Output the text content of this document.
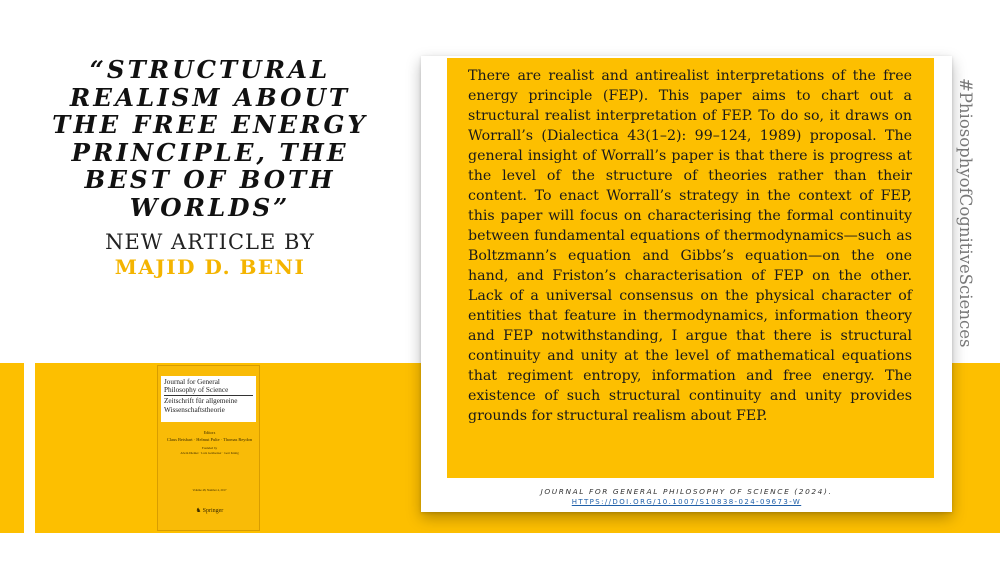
“STRUCTURAL REALISM ABOUT THE FREE ENERGY PRINCIPLE, THE BEST OF BOTH WORLDS”
NEW ARTICLE BY
MAJID D. BENI
Journal for General Philosophy of Science
Zeitschrift für allgemeine Wissenschaftstheorie
Editors
Claus Beisbart · Helmut Pulte · Thomas Reydon
Founded by
Alwin Diemer · Lutz Geldsetzer · Gert König
Volume 48, Number 4, 2017
♞ Springer

There are realist and antirealist interpretations of the free energy principle (FEP). This paper aims to chart out a structural realist interpretation of FEP. To do so, it draws on Worrall’s (Dialectica 43(1–2): 99–124, 1989) proposal. The general insight of Worrall’s paper is that there is progress at the level of the structure of theories rather than their content. To enact Worrall’s strategy in the context of FEP, this paper will focus on characterising the formal continuity between fundamental equations of thermodynamics—such as Boltzmann’s equation and Gibbs’s equation—on the one hand, and Friston’s characterisation of FEP on the other. Lack of a universal consensus on the physical character of entities that feature in thermodynamics, information theory and FEP notwithstanding, I argue that there is structural continuity and unity at the level of mathematical equations that regiment entropy, information and free energy. The existence of such structural continuity and unity provides grounds for structural realism about FEP.

JOURNAL FOR GENERAL PHILOSOPHY OF SCIENCE (2024).
HTTPS://DOI.ORG/10.1007/S10838-024-09673-W
#PhiosophyofCognitiveSciences
